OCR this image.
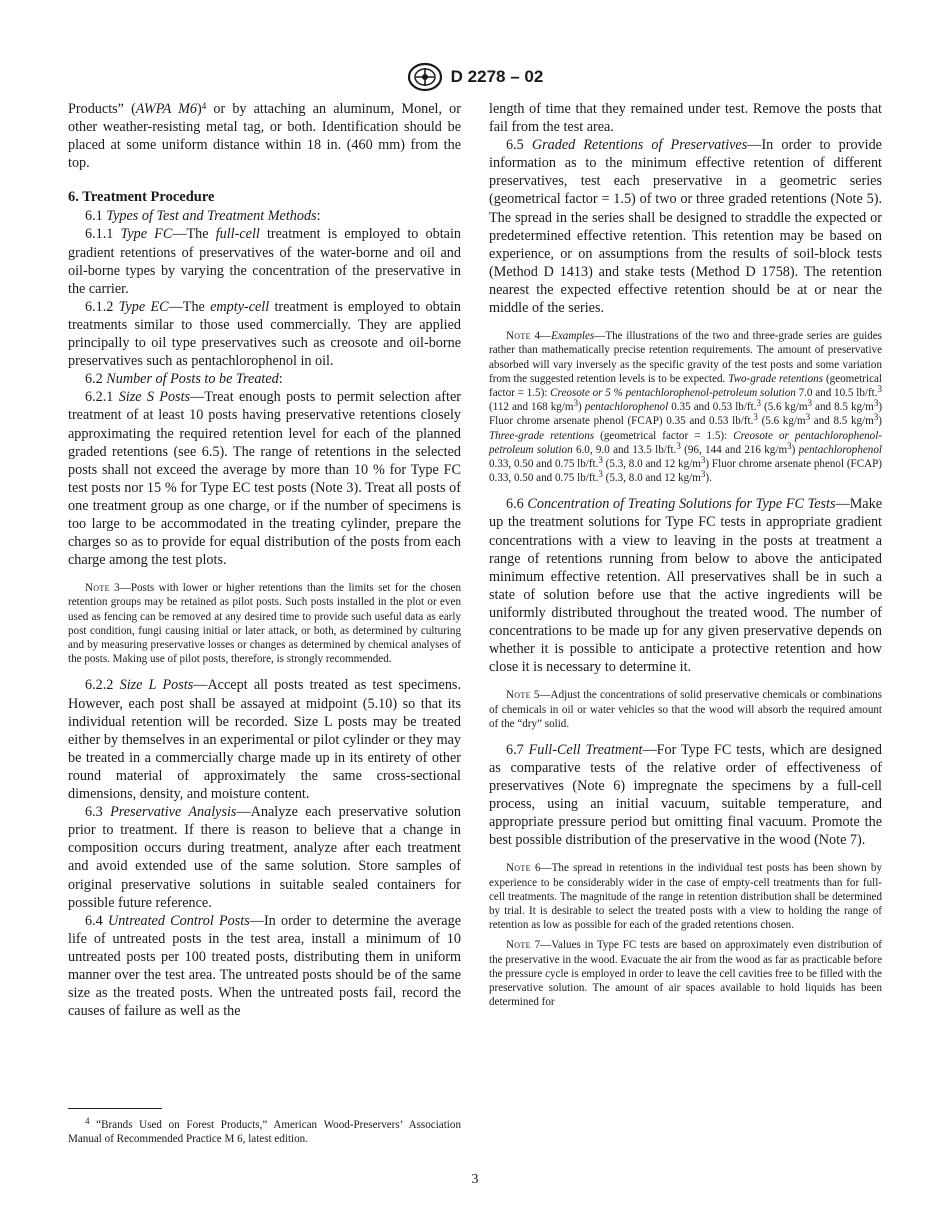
D 2278 – 02

Products” (AWPA M6)$^4$ or by attaching an aluminum, Monel, or other weather-resisting metal tag, or both. Identification should be placed at some uniform distance within 18 in. (460 mm) from the top.

6. Treatment Procedure

6.1 Types of Test and Treatment Methods:

6.1.1 Type FC—The full-cell treatment is employed to obtain gradient retentions of preservatives of the water-borne and oil and oil-borne types by varying the concentration of the preservative in the carrier.

6.1.2 Type EC—The empty-cell treatment is employed to obtain treatments similar to those used commercially. They are applied principally to oil type preservatives such as creosote and oil-borne preservatives such as pentachlorophenol in oil.

6.2 Number of Posts to be Treated:

6.2.1 Size S Posts—Treat enough posts to permit selection after treatment of at least 10 posts having preservative retentions closely approximating the required retention level for each of the planned graded retentions (see 6.5). The range of retentions in the selected posts shall not exceed the average by more than 10 % for Type FC test posts nor 15 % for Type EC test posts (Note 3). Treat all posts of one treatment group as one charge, or if the number of specimens is too large to be accommodated in the treating cylinder, prepare the charges so as to provide for equal distribution of the posts from each charge among the test plots.

Note 3—Posts with lower or higher retentions than the limits set for the chosen retention groups may be retained as pilot posts. Such posts installed in the plot or even used as fencing can be removed at any desired time to provide such useful data as early post condition, fungi causing initial or later attack, or both, as determined by culturing and by measuring preservative losses or changes as determined by chemical analyses of the posts. Making use of pilot posts, therefore, is strongly recommended.

6.2.2 Size L Posts—Accept all posts treated as test specimens. However, each post shall be assayed at midpoint (5.10) so that its individual retention will be recorded. Size L posts may be treated either by themselves in an experimental or pilot cylinder or they may be treated in a commercially charge made up in its entirety of other round material of approximately the same cross-sectional dimensions, density, and moisture content.

6.3 Preservative Analysis—Analyze each preservative solution prior to treatment. If there is reason to believe that a change in composition occurs during treatment, analyze after each treatment and avoid extended use of the same solution. Store samples of original preservative solutions in suitable sealed containers for possible future reference.

6.4 Untreated Control Posts—In order to determine the average life of untreated posts in the test area, install a minimum of 10 untreated posts per 100 treated posts, distributing them in uniform manner over the test area. The untreated posts should be of the same size as the treated posts. When the untreated posts fail, record the causes of failure as well as the

length of time that they remained under test. Remove the posts that fail from the test area.

6.5 Graded Retentions of Preservatives—In order to provide information as to the minimum effective retention of different preservatives, test each preservative in a geometric series (geometrical factor = 1.5) of two or three graded retentions (Note 5). The spread in the series shall be designed to straddle the expected or predetermined effective retention. This retention may be based on experience, or on assumptions from the results of soil-block tests (Method D 1413) and stake tests (Method D 1758). The retention nearest the expected effective retention should be at or near the middle of the series.

Note 4—Examples—The illustrations of the two and three-grade series are guides rather than mathematically precise retention requirements. The amount of preservative absorbed will vary inversely as the specific gravity of the test posts and some variation from the suggested retention levels is to be expected. Two-grade retentions (geometrical factor = 1.5): Creosote or 5 % pentachlorophenol-petroleum solution 7.0 and 10.5 lb/ft.$^3$ (112 and 168 $kg/m^3$) pentachlorophenol 0.35 and 0.53 lb/ft.$^3$ (5.6 $kg/m^3$ and 8.5 $kg/m^3$) Fluor chrome arsenate phenol (FCAP) 0.35 and 0.53 lb/ft.$^3$ (5.6 $kg/m^3$ and 8.5 $kg/m^3$) Three-grade retentions (geometrical factor = 1.5): Creosote or pentachlorophenol-petroleum solution 6.0, 9.0 and 13.5 lb/ft.$^3$ (96, 144 and 216 $kg/m^3$) pentachlorophenol 0.33, 0.50 and 0.75 lb/ft.$^3$ (5.3, 8.0 and 12 $kg/m^3$) Fluor chrome arsenate phenol (FCAP) 0.33, 0.50 and 0.75 lb/ft.$^3$ (5.3, 8.0 and 12 $kg/m^3$).

6.6 Concentration of Treating Solutions for Type FC Tests—Make up the treatment solutions for Type FC tests in appropriate gradient concentrations with a view to leaving in the posts at treatment a range of retentions running from below to above the anticipated minimum effective retention. All preservatives shall be in such a state of solution before use that the active ingredients will be uniformly distributed throughout the treated wood. The number of concentrations to be made up for any given preservative depends on whether it is possible to anticipate a protective retention and how close it is necessary to determine it.

Note 5—Adjust the concentrations of solid preservative chemicals or combinations of chemicals in oil or water vehicles so that the wood will absorb the required amount of the “dry” solid.

6.7 Full-Cell Treatment—For Type FC tests, which are designed as comparative tests of the relative order of effectiveness of preservatives (Note 6) impregnate the specimens by a full-cell process, using an initial vacuum, suitable temperature, and appropriate pressure period but omitting final vacuum. Promote the best possible distribution of the preservative in the wood (Note 7).

Note 6—The spread in retentions in the individual test posts has been shown by experience to be considerably wider in the case of empty-cell treatments than for full-cell treatments. The magnitude of the range in retention distribution shall be determined by trial. It is desirable to select the treated posts with a view to holding the range of retention as low as possible for each of the graded retentions chosen.
Note 7—Values in Type FC tests are based on approximately even distribution of the preservative in the wood. Evacuate the air from the wood as far as practicable before the pressure cycle is employed in order to leave the cell cavities free to be filled with the preservative solution. The amount of air spaces available to hold liquids has been determined for
$^4$ “Brands Used on Forest Products,” American Wood-Preservers’ Association Manual of Recommended Practice M 6, latest edition.
3
